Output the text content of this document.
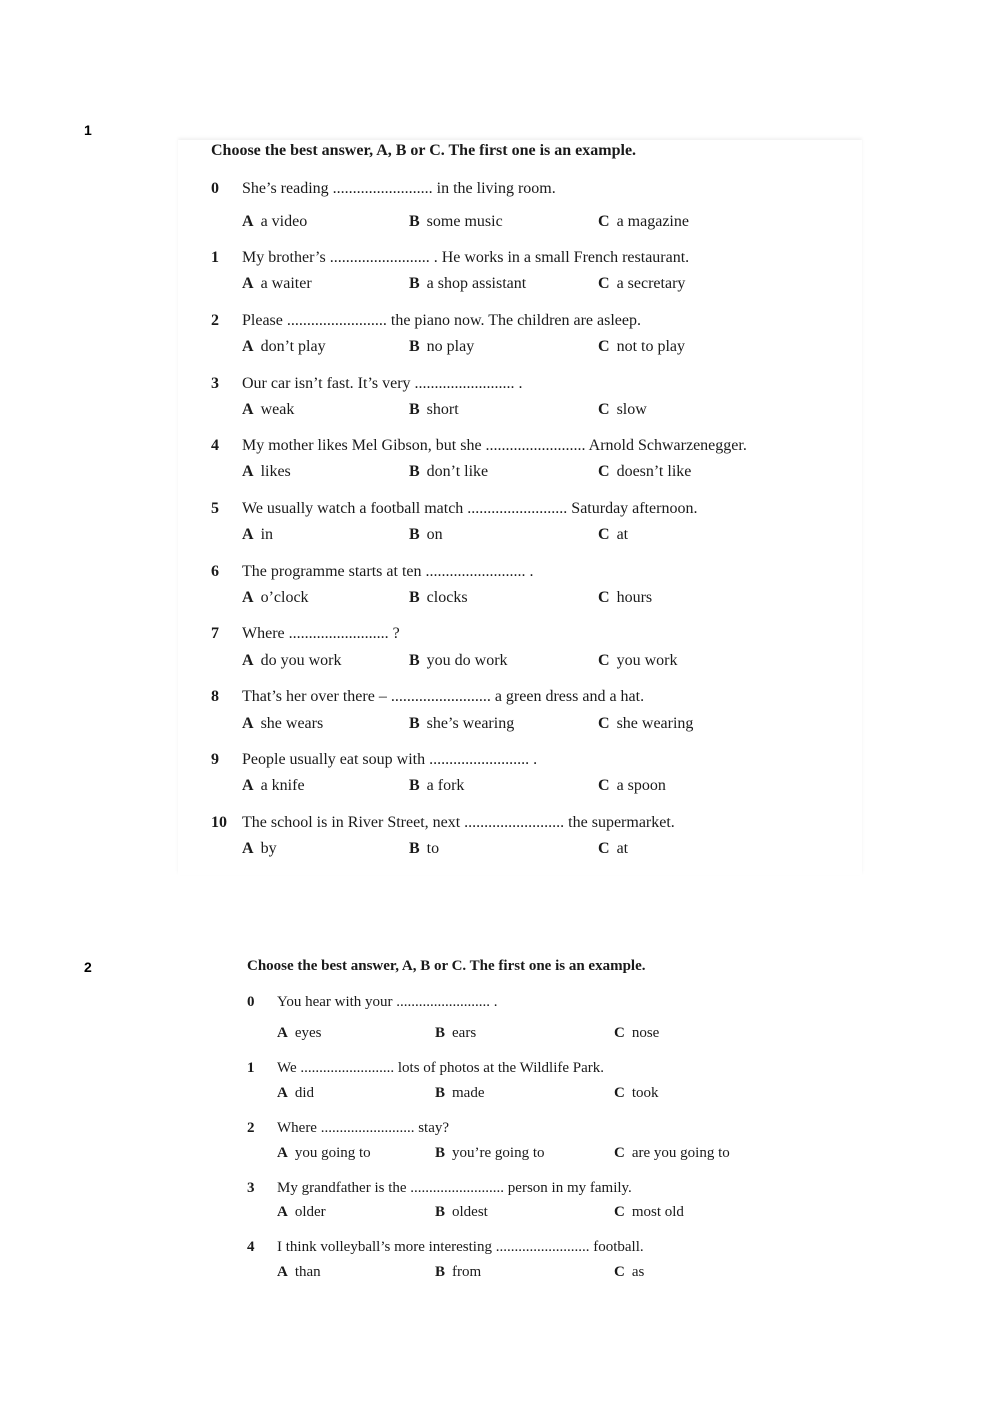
1
2
Choose the best answer, A, B or C. The first one is an example.
0 She’s reading ......................... in the living room.
A a video	B some music	C a magazine
1 My brother’s ......................... . He works in a small French restaurant.
A a waiter	B a shop assistant	C a secretary
2 Please ......................... the piano now. The children are asleep.
A don’t play	B no play	C not to play
3 Our car isn’t fast. It’s very ......................... .
A weak	B short	C slow
4 My mother likes Mel Gibson, but she ......................... Arnold Schwarzenegger.
A likes	B don’t like	C doesn’t like
5 We usually watch a football match ......................... Saturday afternoon.
A in	B on	C at
6 The programme starts at ten ......................... .
A o’clock	B clocks	C hours
7 Where ......................... ?
A do you work	B you do work	C you work
8 That’s her over there – ......................... a green dress and a hat.
A she wears	B she’s wearing	C she wearing
9 People usually eat soup with ......................... .
A a knife	B a fork	C a spoon
10 The school is in River Street, next ......................... the supermarket.
A by	B to	C at
Choose the best answer, A, B or C. The first one is an example.
0 You hear with your ......................... .
A eyes	B ears	C nose
1 We ......................... lots of photos at the Wildlife Park.
A did	B made	C took
2 Where ......................... stay?
A you going to	B you’re going to	C are you going to
3 My grandfather is the ......................... person in my family.
A older	B oldest	C most old
4 I think volleyball’s more interesting ......................... football.
A than	B from	C as
